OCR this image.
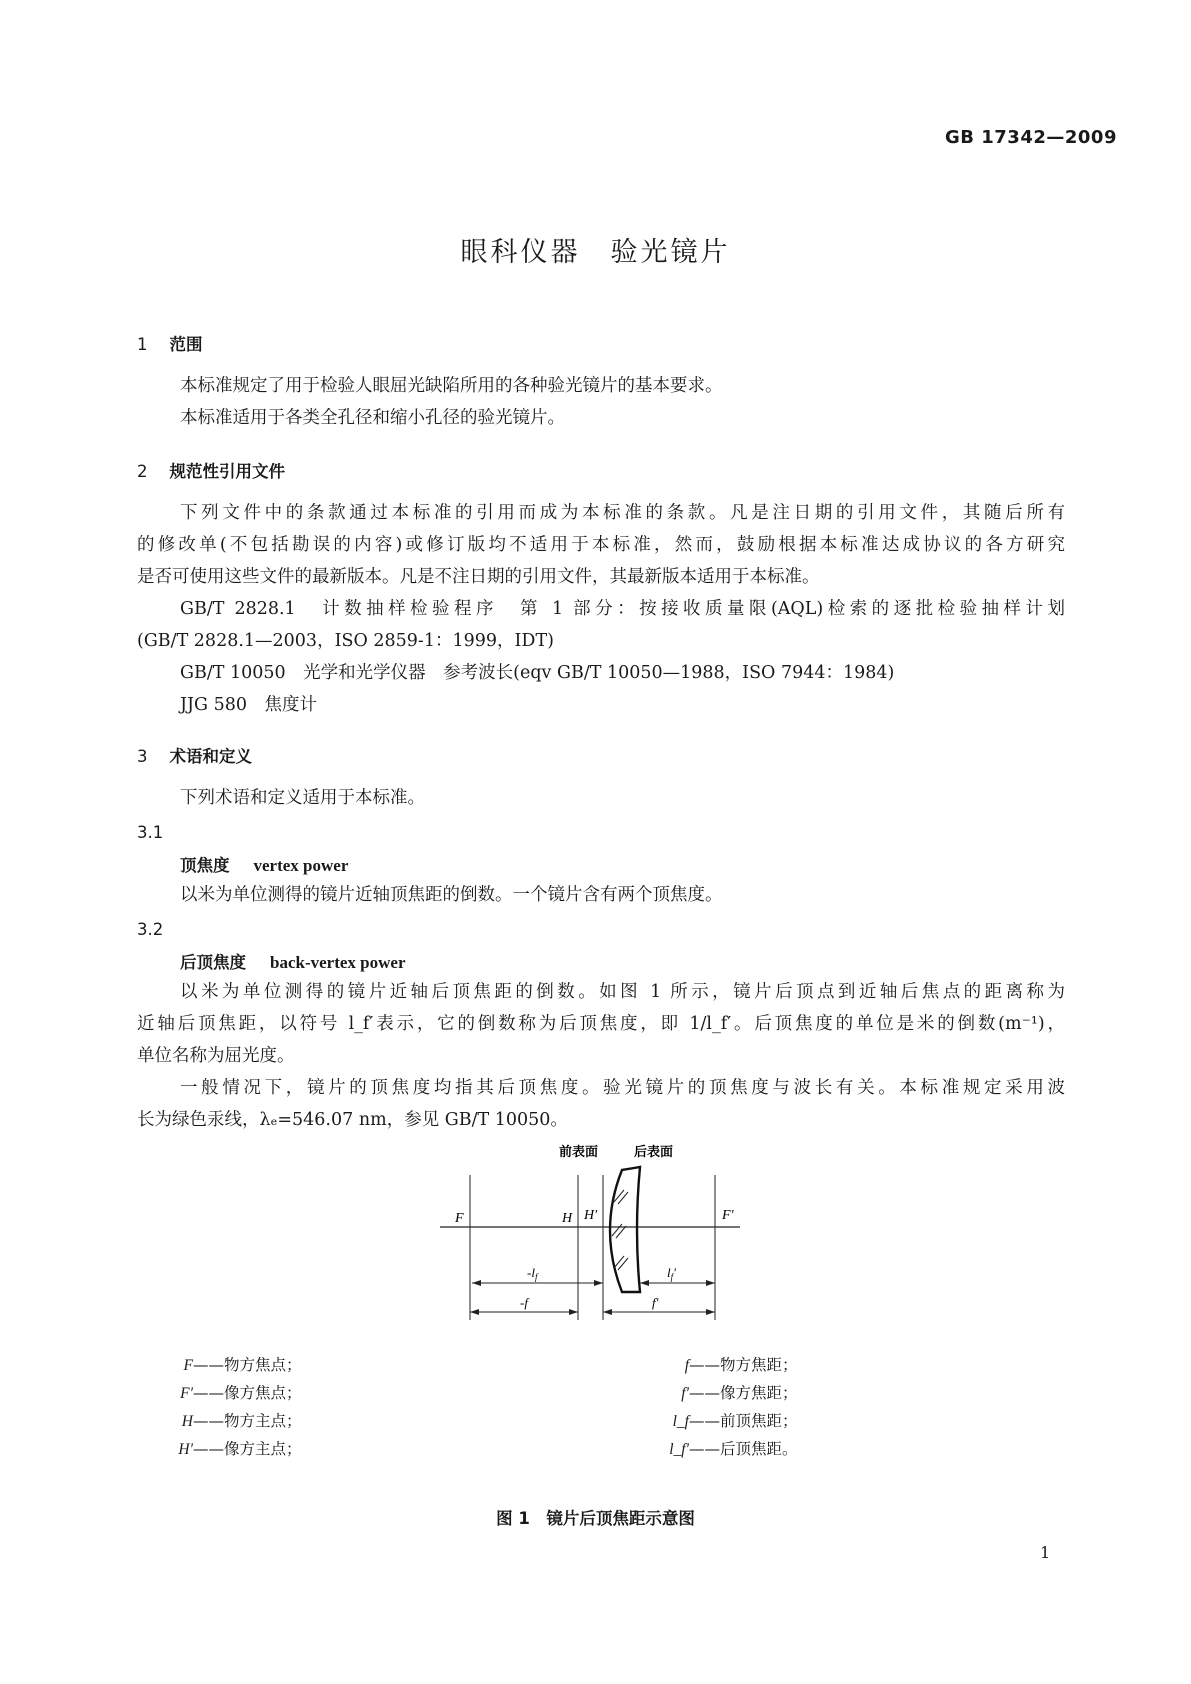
GB 17342—2009
眼科仪器　验光镜片
1 范围
本标准规定了用于检验人眼屈光缺陷所用的各种验光镜片的基本要求。
本标准适用于各类全孔径和缩小孔径的验光镜片。
2 规范性引用文件
下列文件中的条款通过本标准的引用而成为本标准的条款。凡是注日期的引用文件，其随后所有
的修改单(不包括勘误的内容)或修订版均不适用于本标准，然而，鼓励根据本标准达成协议的各方研究
是否可使用这些文件的最新版本。凡是不注日期的引用文件，其最新版本适用于本标准。
GB/T 2828.1　计数抽样检验程序　第 1 部分：按接收质量限(AQL)检索的逐批检验抽样计划
(GB/T 2828.1—2003，ISO 2859-1：1999，IDT)
GB/T 10050　光学和光学仪器　参考波长(eqv GB/T 10050—1988，ISO 7944：1984)
JJG 580　焦度计
3 术语和定义
下列术语和定义适用于本标准。
3.1
顶焦度 vertex power
以米为单位测得的镜片近轴顶焦距的倒数。一个镜片含有两个顶焦度。
3.2
后顶焦度 back-vertex power
以米为单位测得的镜片近轴后顶焦距的倒数。如图 1 所示，镜片后顶点到近轴后焦点的距离称为
近轴后顶焦距，以符号 l_f′表示，它的倒数称为后顶焦度，即 1/l_f′。后顶焦度的单位是米的倒数(m⁻¹)，
单位名称为屈光度。
一般情况下，镜片的顶焦度均指其后顶焦度。验光镜片的顶焦度与波长有关。本标准规定采用波
长为绿色汞线，λₑ=546.07 nm，参见 GB/T 10050。
前表面	后表面
F	H H′	F′
$-l_f$	$l_f'$
-f	f′
F——物方焦点；
F′——像方焦点；
H——物方主点；
H′——像方主点；
f——物方焦距；
f′——像方焦距；
l_f——前顶焦距；
l_f′——后顶焦距。
图 1　镜片后顶焦距示意图
1
